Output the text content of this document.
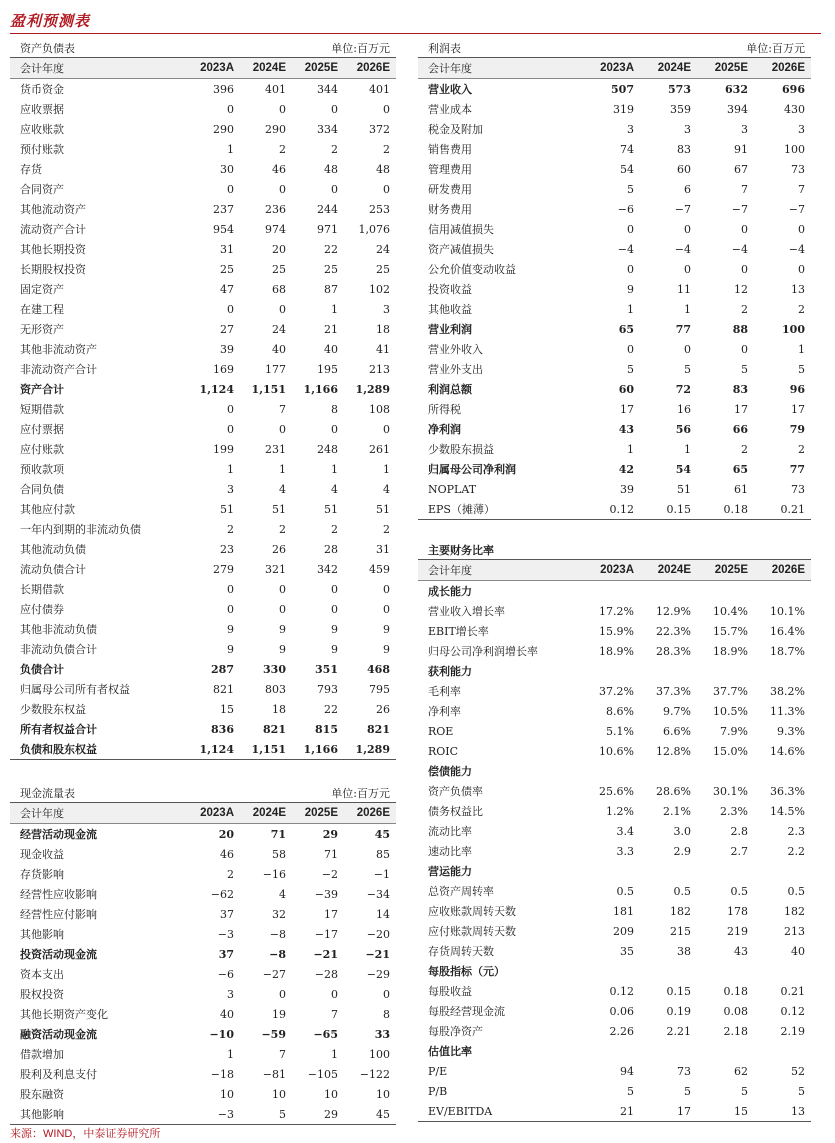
盈利预测表
资产负债表	单位:百万元
会计年度	2023A	2024E	2025E	2026E
货币资金	396	401	344	401
应收票据	0	0	0	0
应收账款	290	290	334	372
预付账款	1	2	2	2
存货	30	46	48	48
合同资产	0	0	0	0
其他流动资产	237	236	244	253
流动资产合计	954	974	971	1,076
其他长期投资	31	20	22	24
长期股权投资	25	25	25	25
固定资产	47	68	87	102
在建工程	0	0	1	3
无形资产	27	24	21	18
其他非流动资产	39	40	40	41
非流动资产合计	169	177	195	213
资产合计	1,124	1,151	1,166	1,289
短期借款	0	7	8	108
应付票据	0	0	0	0
应付账款	199	231	248	261
预收款项	1	1	1	1
合同负债	3	4	4	4
其他应付款	51	51	51	51
一年内到期的非流动负债	2	2	2	2
其他流动负债	23	26	28	31
流动负债合计	279	321	342	459
长期借款	0	0	0	0
应付债券	0	0	0	0
其他非流动负债	9	9	9	9
非流动负债合计	9	9	9	9
负债合计	287	330	351	468
归属母公司所有者权益	821	803	793	795
少数股东权益	15	18	22	26
所有者权益合计	836	821	815	821
负债和股东权益	1,124	1,151	1,166	1,289

现金流量表	单位:百万元
会计年度	2023A	2024E	2025E	2026E
经营活动现金流	20	71	29	45
现金收益	46	58	71	85
存货影响	2	−16	−2	−1
经营性应收影响	−62	4	−39	−34
经营性应付影响	37	32	17	14
其他影响	−3	−8	−17	−20
投资活动现金流	37	−8	−21	−21
资本支出	−6	−27	−28	−29
股权投资	3	0	0	0
其他长期资产变化	40	19	7	8
融资活动现金流	−10	−59	−65	33
借款增加	1	7	1	100
股利及利息支付	−18	−81	−105	−122
股东融资	10	10	10	10
其他影响	−3	5	29	45

利润表	单位:百万元
会计年度	2023A	2024E	2025E	2026E
营业收入	507	573	632	696
营业成本	319	359	394	430
税金及附加	3	3	3	3
销售费用	74	83	91	100
管理费用	54	60	67	73
研发费用	5	6	7	7
财务费用	−6	−7	−7	−7
信用减值损失	0	0	0	0
资产减值损失	−4	−4	−4	−4
公允价值变动收益	0	0	0	0
投资收益	9	11	12	13
其他收益	1	1	2	2
营业利润	65	77	88	100
营业外收入	0	0	0	1
营业外支出	5	5	5	5
利润总额	60	72	83	96
所得税	17	16	17	17
净利润	43	56	66	79
少数股东损益	1	1	2	2
归属母公司净利润	42	54	65	77
NOPLAT	39	51	61	73
EPS（摊薄）	0.12	0.15	0.18	0.21

主要财务比率
会计年度	2023A	2024E	2025E	2026E
成长能力				
营业收入增长率	17.2%	12.9%	10.4%	10.1%
EBIT增长率	15.9%	22.3%	15.7%	16.4%
归母公司净利润增长率	18.9%	28.3%	18.9%	18.7%
获利能力				
毛利率	37.2%	37.3%	37.7%	38.2%
净利率	8.6%	9.7%	10.5%	11.3%
ROE	5.1%	6.6%	7.9%	9.3%
ROIC	10.6%	12.8%	15.0%	14.6%
偿债能力				
资产负债率	25.6%	28.6%	30.1%	36.3%
债务权益比	1.2%	2.1%	2.3%	14.5%
流动比率	3.4	3.0	2.8	2.3
速动比率	3.3	2.9	2.7	2.2
营运能力				
总资产周转率	0.5	0.5	0.5	0.5
应收账款周转天数	181	182	178	182
应付账款周转天数	209	215	219	213
存货周转天数	35	38	43	40
每股指标（元）				
每股收益	0.12	0.15	0.18	0.21
每股经营现金流	0.06	0.19	0.08	0.12
每股净资产	2.26	2.21	2.18	2.19
估值比率				
P/E	94	73	62	52
P/B	5	5	5	5
EV/EBITDA	21	17	15	13

来源：WIND，中泰证券研究所
